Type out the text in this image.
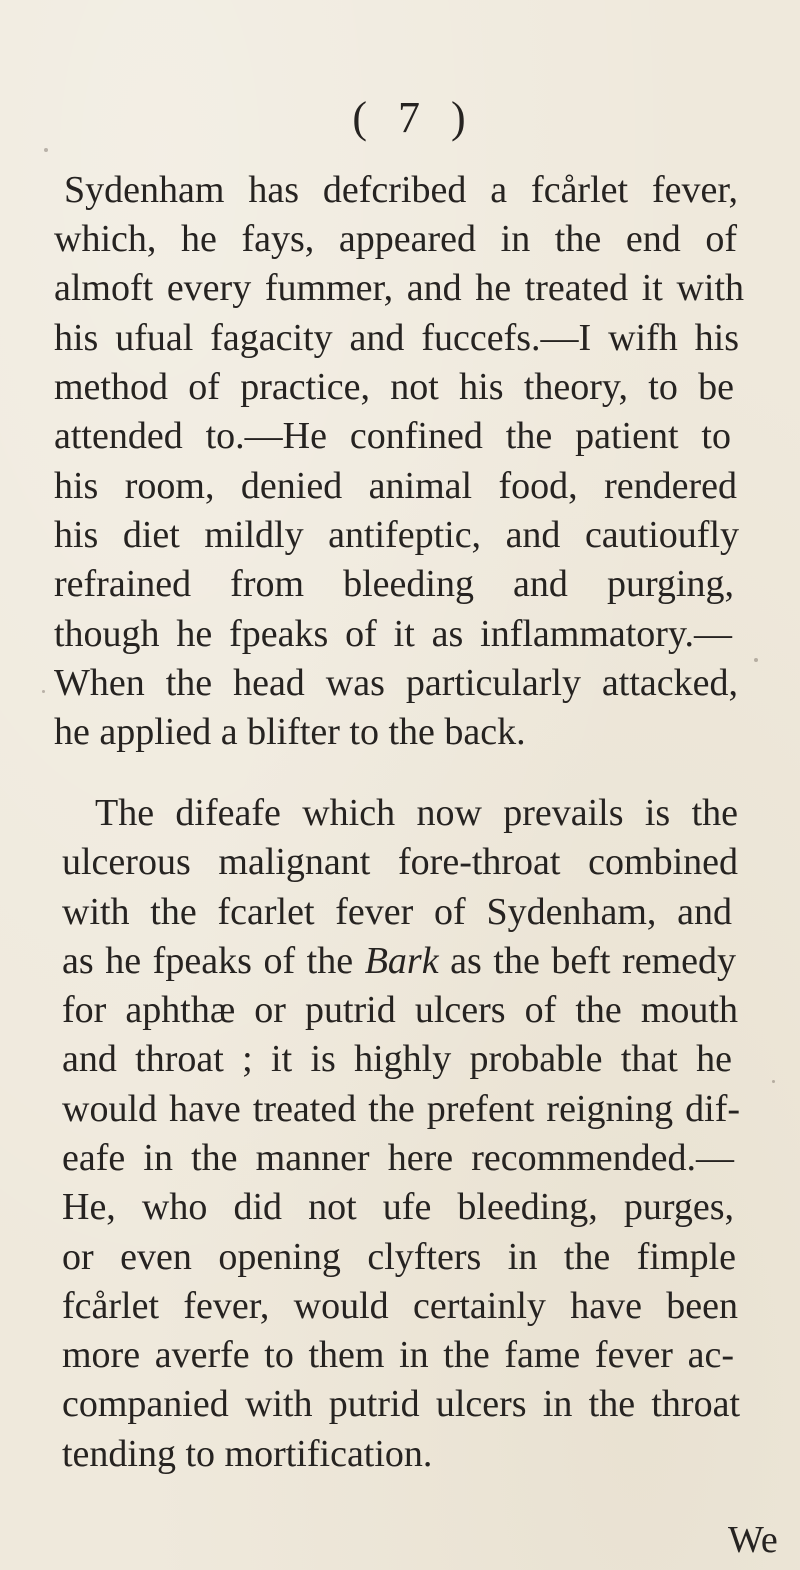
( 7 )
Sydenham has defcribed a fcårlet fever,
which, he fays, appeared in the end of
almoft every fummer, and he treated it with
his ufual fagacity and fuccefs.—I wifh his
method of practice, not his theory, to be
attended to.—He confined the patient to
his room, denied animal food, rendered
his diet mildly antifeptic, and cautioufly
refrained from bleeding and purging,
though he fpeaks of it as inflammatory.—
When the head was particularly attacked,
he applied a blifter to the back.
The difeafe which now prevails is the
ulcerous malignant fore-throat combined
with the fcarlet fever of Sydenham, and
as he fpeaks of the Bark as the beft remedy
for aphthæ or putrid ulcers of the mouth
and throat ; it is highly probable that he
would have treated the prefent reigning dif-
eafe in the manner here recommended.—
He, who did not ufe bleeding, purges,
or even opening clyfters in the fimple
fcårlet fever, would certainly have been
more averfe to them in the fame fever ac-
companied with putrid ulcers in the throat
tending to mortification.
We
